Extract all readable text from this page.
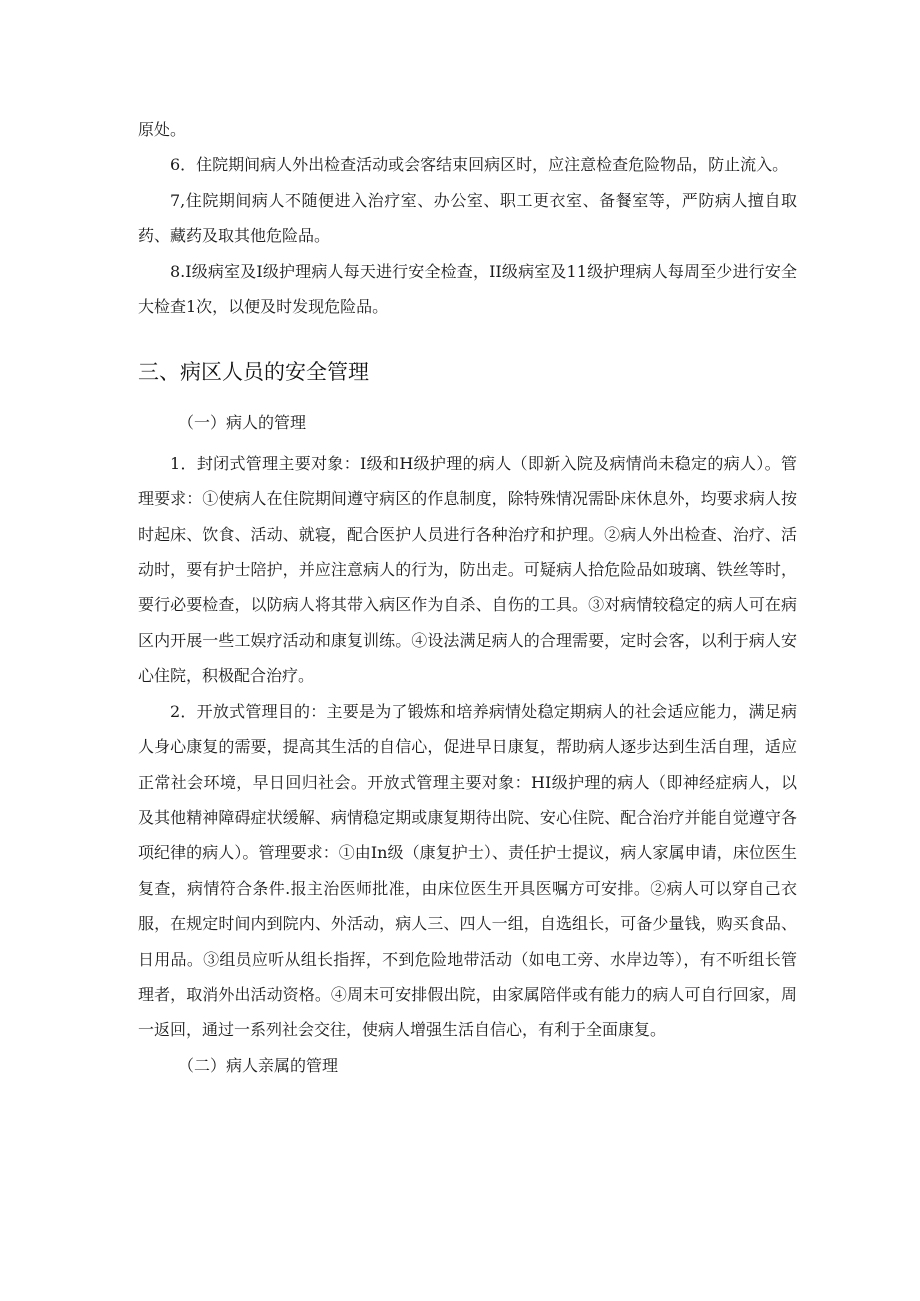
原处。

6．住院期间病人外出检查活动或会客结束回病区时，应注意检查危险物品，防止流入。

7,住院期间病人不随便进入治疗室、办公室、职工更衣室、备餐室等，严防病人擅自取药、藏药及取其他危险品。

8.I级病室及I级护理病人每天进行安全检查，II级病室及11级护理病人每周至少进行安全大检查1次，以便及时发现危险品。

三、病区人员的安全管理

（一）病人的管理

1．封闭式管理主要对象：I级和H级护理的病人（即新入院及病情尚未稳定的病人）。管理要求：①使病人在住院期间遵守病区的作息制度，除特殊情况需卧床休息外，均要求病人按时起床、饮食、活动、就寝，配合医护人员进行各种治疗和护理。②病人外出检查、治疗、活动时，要有护士陪护，并应注意病人的行为，防出走。可疑病人拾危险品如玻璃、铁丝等时，要行必要检查，以防病人将其带入病区作为自杀、自伤的工具。③对病情较稳定的病人可在病区内开展一些工娱疗活动和康复训练。④设法满足病人的合理需要，定时会客，以利于病人安心住院，积极配合治疗。

2．开放式管理目的：主要是为了锻炼和培养病情处稳定期病人的社会适应能力，满足病人身心康复的需要，提高其生活的自信心，促进早日康复，帮助病人逐步达到生活自理，适应正常社会环境，早日回归社会。开放式管理主要对象：HI级护理的病人（即神经症病人，以及其他精神障碍症状缓解、病情稳定期或康复期待出院、安心住院、配合治疗并能自觉遵守各项纪律的病人）。管理要求：①由In级（康复护士）、责任护士提议，病人家属申请，床位医生复查，病情符合条件.报主治医师批准，由床位医生开具医嘱方可安排。②病人可以穿自己衣服，在规定时间内到院内、外活动，病人三、四人一组，自选组长，可备少量钱，购买食品、日用品。③组员应听从组长指挥，不到危险地带活动（如电工旁、水岸边等），有不听组长管理者，取消外出活动资格。④周末可安排假出院，由家属陪伴或有能力的病人可自行回家，周一返回，通过一系列社会交往，使病人增强生活自信心，有利于全面康复。

（二）病人亲属的管理
